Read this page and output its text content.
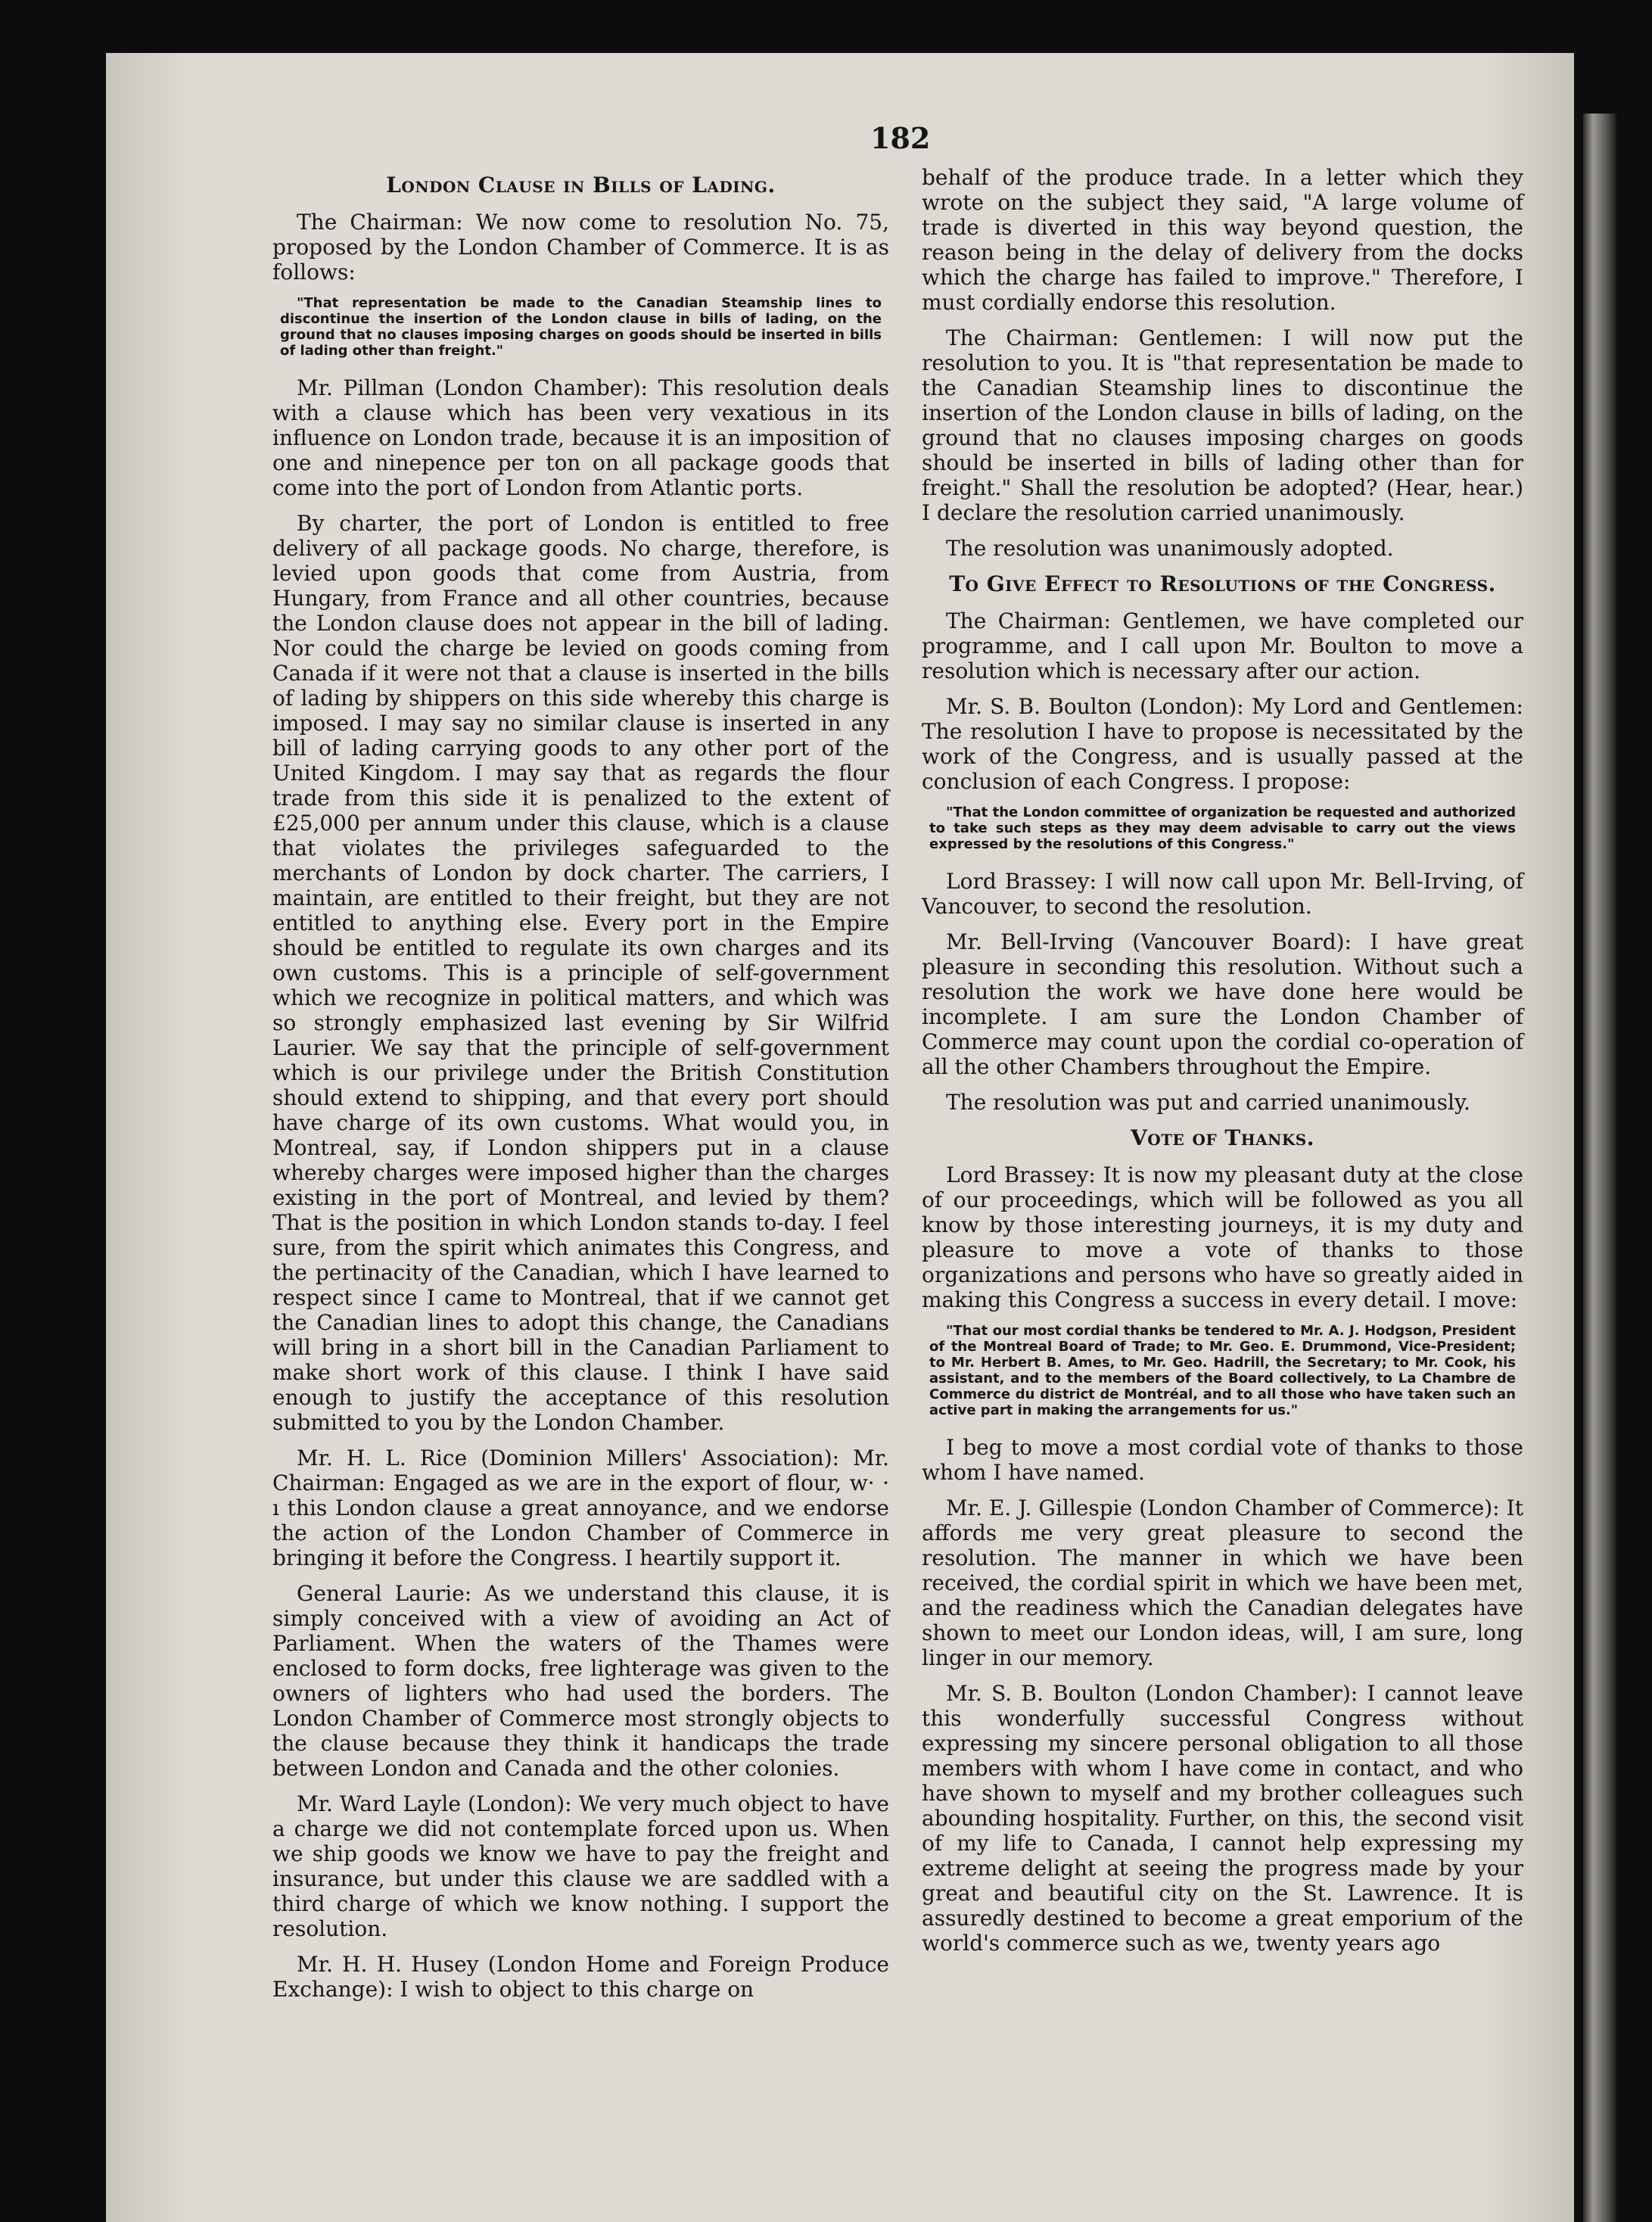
182
London Clause in Bills of Lading.

The Chairman: We now come to resolution No. 75, proposed by the London Chamber of Commerce. It is as follows:

"That representation be made to the Canadian Steamship lines to discontinue the insertion of the London clause in bills of lading, on the ground that no clauses imposing charges on goods should be inserted in bills of lading other than freight."

Mr. Pillman (London Chamber): This resolution deals with a clause which has been very vexatious in its influence on London trade, because it is an imposition of one and ninepence per ton on all package goods that come into the port of London from Atlantic ports.

By charter, the port of London is entitled to free delivery of all package goods. No charge, therefore, is levied upon goods that come from Austria, from Hungary, from France and all other countries, because the London clause does not appear in the bill of lading. Nor could the charge be levied on goods coming from Canada if it were not that a clause is inserted in the bills of lading by shippers on this side whereby this charge is imposed. I may say no similar clause is inserted in any bill of lading carrying goods to any other port of the United Kingdom. I may say that as regards the flour trade from this side it is penalized to the extent of £25,000 per annum under this clause, which is a clause that violates the privileges safeguarded to the merchants of London by dock charter. The carriers, I maintain, are entitled to their freight, but they are not entitled to anything else. Every port in the Empire should be entitled to regulate its own charges and its own customs. This is a principle of self-government which we recognize in political matters, and which was so strongly emphasized last evening by Sir Wilfrid Laurier. We say that the principle of self-government which is our privilege under the British Constitution should extend to shipping, and that every port should have charge of its own customs. What would you, in Montreal, say, if London shippers put in a clause whereby charges were imposed higher than the charges existing in the port of Montreal, and levied by them? That is the position in which London stands to-day. I feel sure, from the spirit which animates this Congress, and the pertinacity of the Canadian, which I have learned to respect since I came to Montreal, that if we cannot get the Canadian lines to adopt this change, the Canadians will bring in a short bill in the Canadian Parliament to make short work of this clause. I think I have said enough to justify the acceptance of this resolution submitted to you by the London Chamber.

Mr. H. L. Rice (Dominion Millers' Association): Mr. Chairman: Engaged as we are in the export of flour, w· · ı this London clause a great annoyance, and we endorse the action of the London Chamber of Commerce in bringing it before the Congress. I heartily support it.

General Laurie: As we understand this clause, it is simply conceived with a view of avoiding an Act of Parliament. When the waters of the Thames were enclosed to form docks, free lighterage was given to the owners of lighters who had used the borders. The London Chamber of Commerce most strongly objects to the clause because they think it handicaps the trade between London and Canada and the other colonies.

Mr. Ward Layle (London): We very much object to have a charge we did not contemplate forced upon us. When we ship goods we know we have to pay the freight and insurance, but under this clause we are saddled with a third charge of which we know nothing. I support the resolution.

Mr. H. H. Husey (London Home and Foreign Produce Exchange): I wish to object to this charge on

behalf of the produce trade. In a letter which they wrote on the subject they said, "A large volume of trade is diverted in this way beyond question, the reason being in the delay of delivery from the docks which the charge has failed to improve." Therefore, I must cordially endorse this resolution.

The Chairman: Gentlemen: I will now put the resolution to you. It is "that representation be made to the Canadian Steamship lines to discontinue the insertion of the London clause in bills of lading, on the ground that no clauses imposing charges on goods should be inserted in bills of lading other than for freight." Shall the resolution be adopted? (Hear, hear.) I declare the resolution carried unanimously.

The resolution was unanimously adopted.

To Give Effect to Resolutions of the Congress.

The Chairman: Gentlemen, we have completed our programme, and I call upon Mr. Boulton to move a resolution which is necessary after our action.

Mr. S. B. Boulton (London): My Lord and Gentlemen: The resolution I have to propose is necessitated by the work of the Congress, and is usually passed at the conclusion of each Congress. I propose:

"That the London committee of organization be requested and authorized to take such steps as they may deem advisable to carry out the views expressed by the resolutions of this Congress."

Lord Brassey: I will now call upon Mr. Bell-Irving, of Vancouver, to second the resolution.

Mr. Bell-Irving (Vancouver Board): I have great pleasure in seconding this resolution. Without such a resolution the work we have done here would be incomplete. I am sure the London Chamber of Commerce may count upon the cordial co-operation of all the other Chambers throughout the Empire.

The resolution was put and carried unanimously.

Vote of Thanks.

Lord Brassey: It is now my pleasant duty at the close of our proceedings, which will be followed as you all know by those interesting journeys, it is my duty and pleasure to move a vote of thanks to those organizations and persons who have so greatly aided in making this Congress a success in every detail. I move:

"That our most cordial thanks be tendered to Mr. A. J. Hodgson, President of the Montreal Board of Trade; to Mr. Geo. E. Drummond, Vice-President; to Mr. Herbert B. Ames, to Mr. Geo. Hadrill, the Secretary; to Mr. Cook, his assistant, and to the members of the Board collectively, to La Chambre de Commerce du district de Montréal, and to all those who have taken such an active part in making the arrangements for us."

I beg to move a most cordial vote of thanks to those whom I have named.

Mr. E. J. Gillespie (London Chamber of Commerce): It affords me very great pleasure to second the resolution. The manner in which we have been received, the cordial spirit in which we have been met, and the readiness which the Canadian delegates have shown to meet our London ideas, will, I am sure, long linger in our memory.

Mr. S. B. Boulton (London Chamber): I cannot leave this wonderfully successful Congress without expressing my sincere personal obligation to all those members with whom I have come in contact, and who have shown to myself and my brother colleagues such abounding hospitality. Further, on this, the second visit of my life to Canada, I cannot help expressing my extreme delight at seeing the progress made by your great and beautiful city on the St. Lawrence. It is assuredly destined to become a great emporium of the world's commerce such as we, twenty years ago
